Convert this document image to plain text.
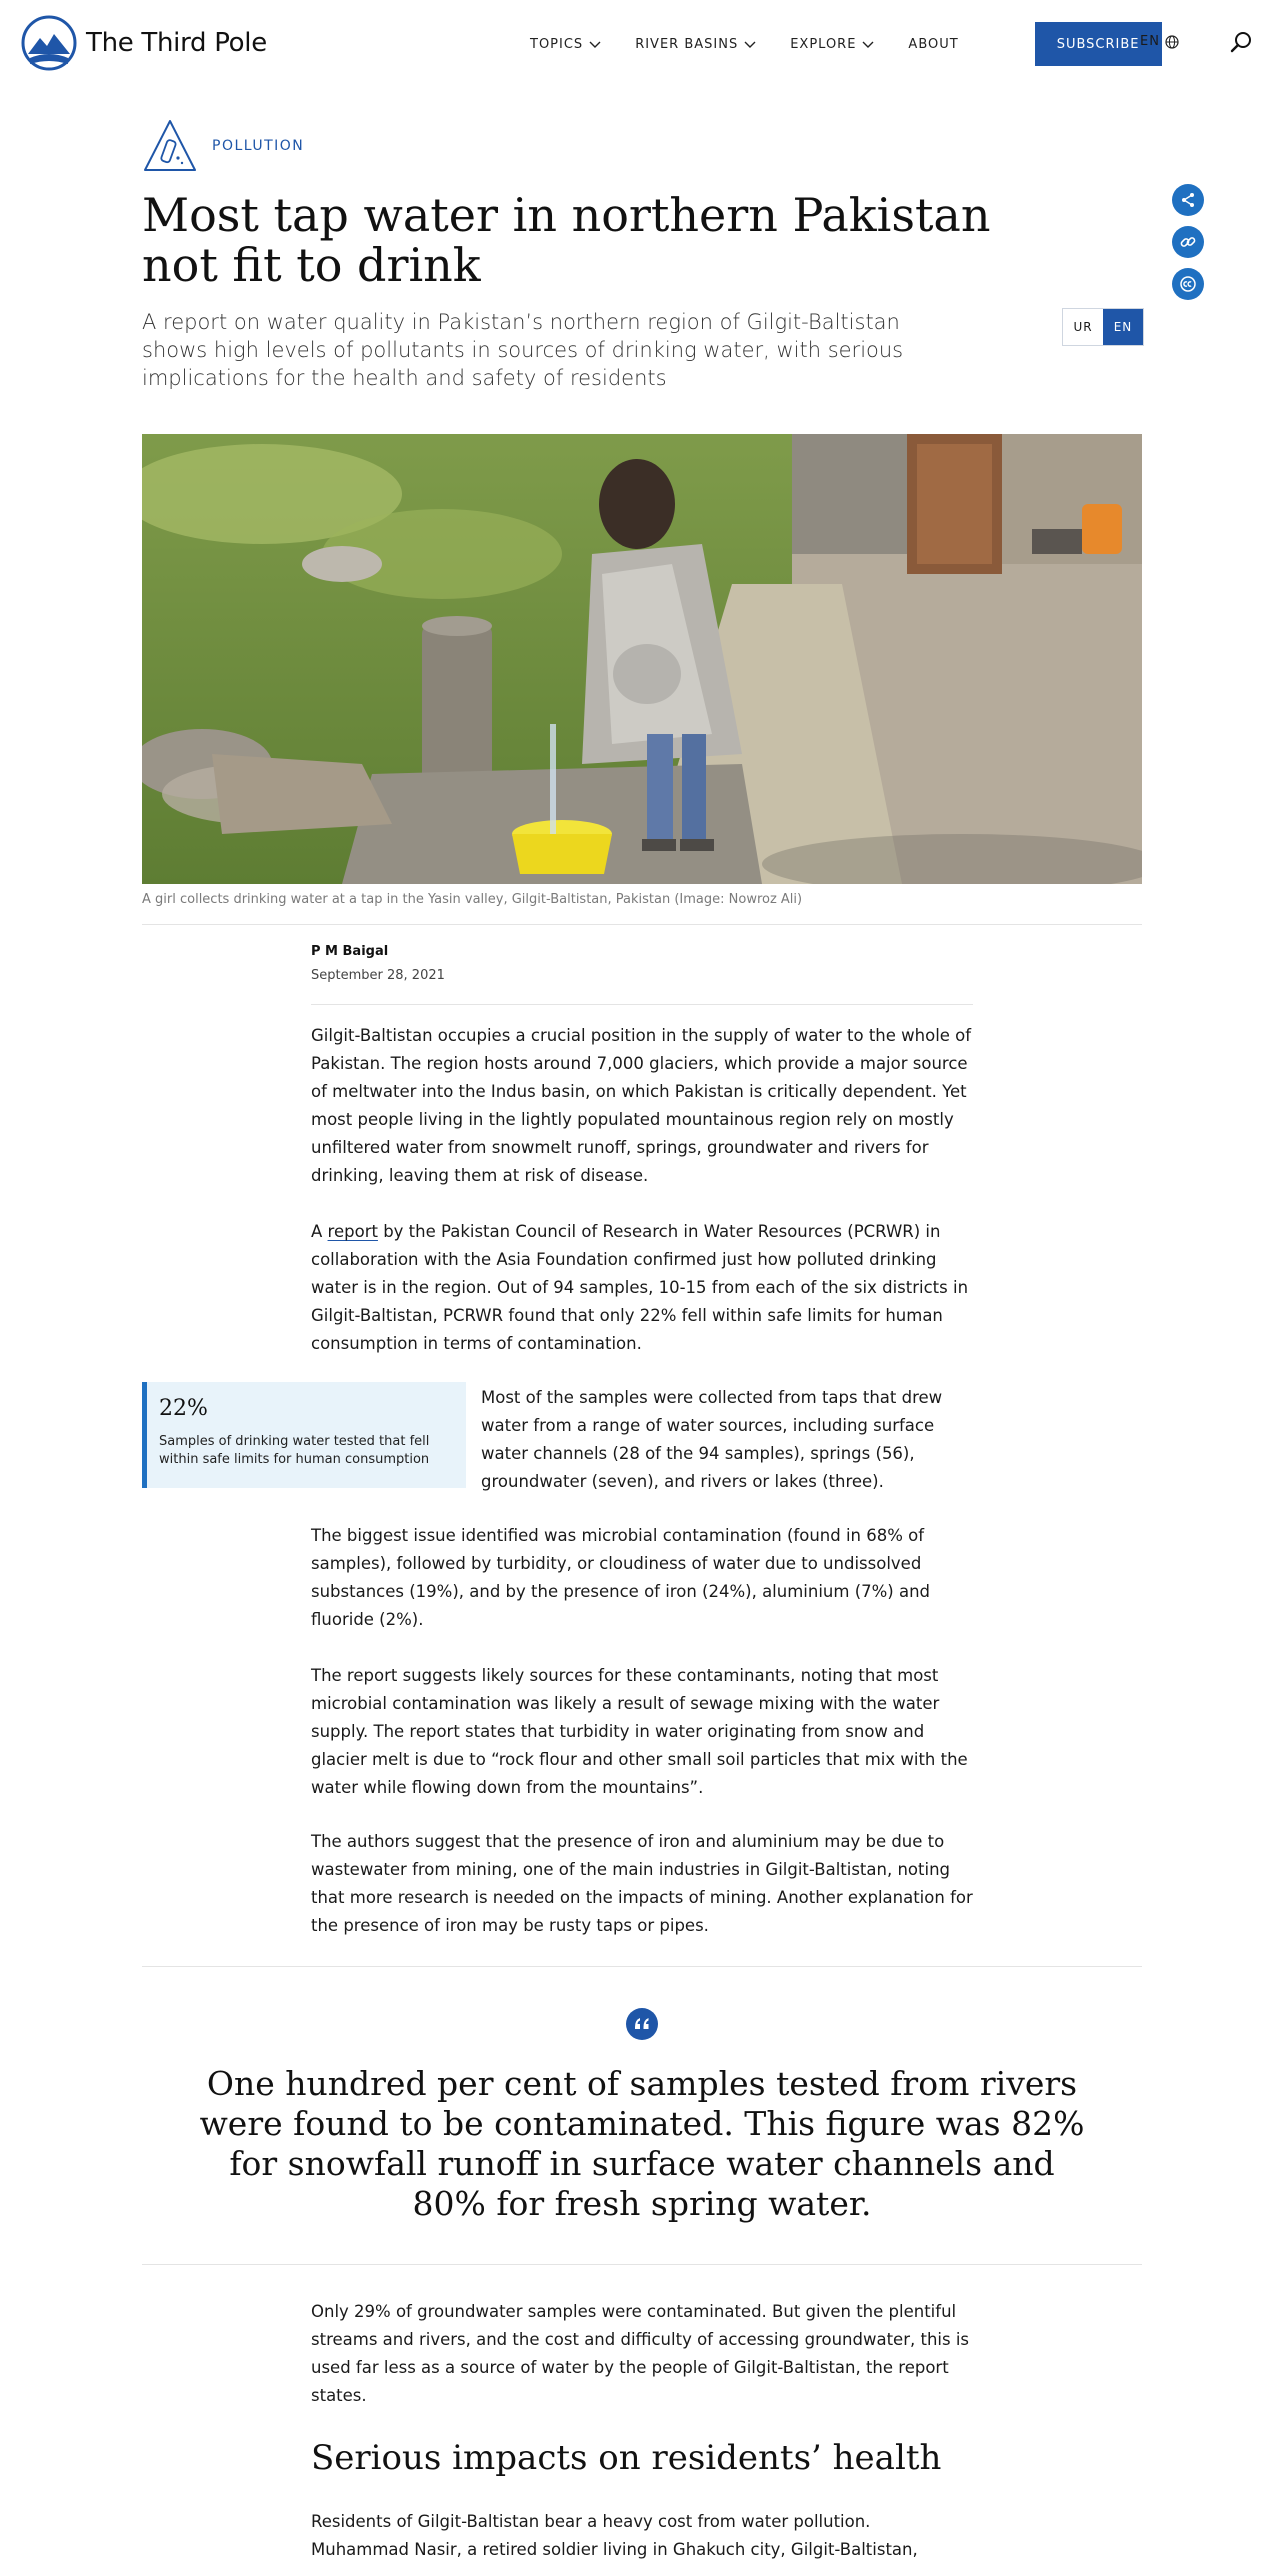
The Third Pole	TOPICS	RIVER BASINS	EXPLORE	ABOUT	SUBSCRIBE EN
POLLUTION
Most tap water in northern Pakistan not fit to drink

A report on water quality in Pakistan’s northern region of Gilgit-Baltistan shows high levels of pollutants in sources of drinking water, with serious implications for the health and safety of residents

UR	EN
A girl collects drinking water at a tap in the Yasin valley, Gilgit-Baltistan, Pakistan (Image: Nowroz Ali)
P M Baigal
September 28, 2021

Gilgit-Baltistan occupies a crucial position in the supply of water to the whole of Pakistan. The region hosts around 7,000 glaciers, which provide a major source of meltwater into the Indus basin, on which Pakistan is critically dependent. Yet most people living in the lightly populated mountainous region rely on mostly unfiltered water from snowmelt runoff, springs, groundwater and rivers for drinking, leaving them at risk of disease.

A report by the Pakistan Council of Research in Water Resources (PCRWR) in collaboration with the Asia Foundation confirmed just how polluted drinking water is in the region. Out of 94 samples, 10-15 from each of the six districts in Gilgit-Baltistan, PCRWR found that only 22% fell within safe limits for human consumption in terms of contamination.

22%
Samples of drinking water tested that fell within safe limits for human consumption

Most of the samples were collected from taps that drew water from a range of water sources, including surface water channels (28 of the 94 samples), springs (56), groundwater (seven), and rivers or lakes (three).

The biggest issue identified was microbial contamination (found in 68% of samples), followed by turbidity, or cloudiness of water due to undissolved substances (19%), and by the presence of iron (24%), aluminium (7%) and fluoride (2%).

The report suggests likely sources for these contaminants, noting that most microbial contamination was likely a result of sewage mixing with the water supply. The report states that turbidity in water originating from snow and glacier melt is due to “rock flour and other small soil particles that mix with the water while flowing down from the mountains”.

The authors suggest that the presence of iron and aluminium may be due to wastewater from mining, one of the main industries in Gilgit-Baltistan, noting that more research is needed on the impacts of mining. Another explanation for the presence of iron may be rusty taps or pipes.

One hundred per cent of samples tested from rivers were found to be contaminated. This figure was 82% for snowfall runoff in surface water channels and 80% for fresh spring water.

Only 29% of groundwater samples were contaminated. But given the plentiful streams and rivers, and the cost and difficulty of accessing groundwater, this is used far less as a source of water by the people of Gilgit-Baltistan, the report states.

Serious impacts on residents’ health

Residents of Gilgit-Baltistan bear a heavy cost from water pollution. Muhammad Nasir, a retired soldier living in Ghakuch city, Gilgit-Baltistan,
